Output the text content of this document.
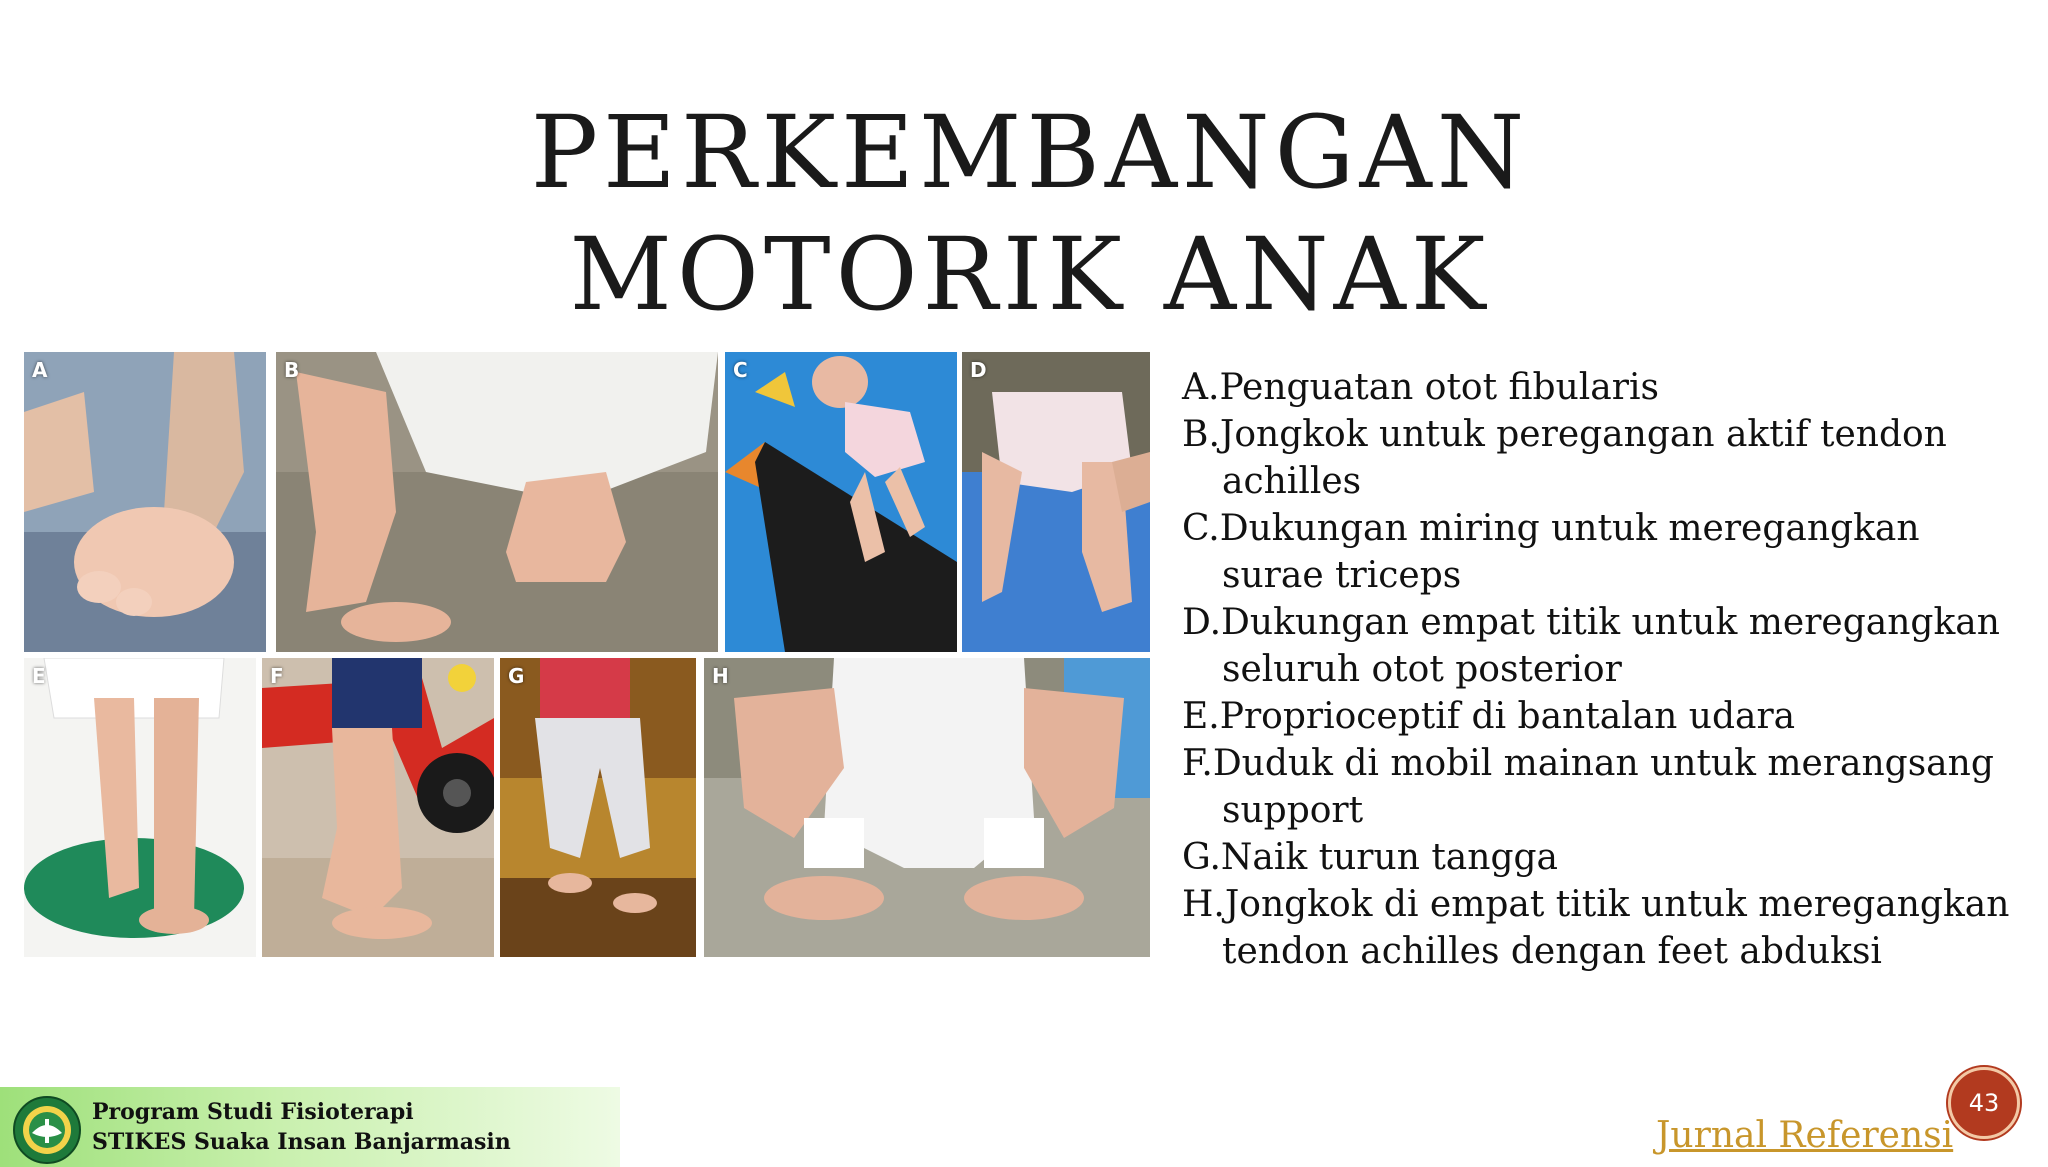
PERKEMBANGAN
MOTORIK ANAK
A	B	C	D
E	F	G	H
A.Penguatan otot fibularis
B.Jongkok untuk peregangan aktif tendon achilles
C.Dukungan miring untuk meregangkan surae triceps
D.Dukungan empat titik untuk meregangkan seluruh otot posterior
E.Proprioceptif di bantalan udara
F.Duduk di mobil mainan untuk merangsang support
G.Naik turun tangga
H.Jongkok di empat titik untuk meregangkan tendon achilles dengan feet abduksi
Program Studi Fisioterapi
STIKES Suaka Insan Banjarmasin
43
Jurnal Referensi
